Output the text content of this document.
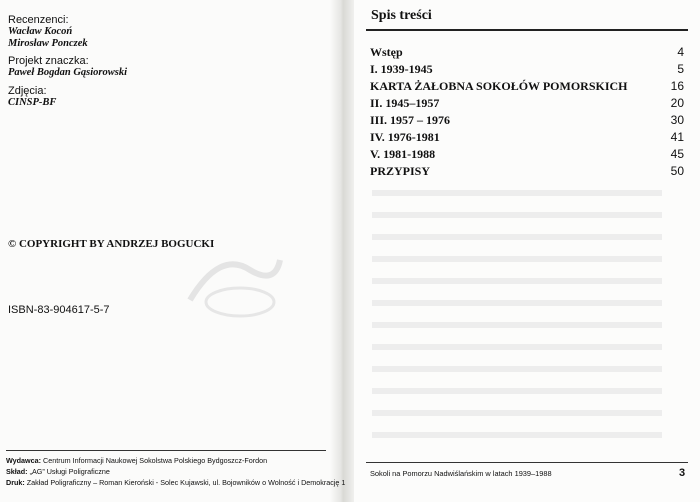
Recenzenci:
Wacław Kocoń
Mirosław Ponczek
Projekt znaczka:
Paweł Bogdan Gąsiorowski
Zdjęcia:
CINSP-BF
© COPYRIGHT BY ANDRZEJ BOGUCKI
ISBN-83-904617-5-7
Wydawca: Centrum Informacji Naukowej Sokolstwa Polskiego Bydgoszcz-Fordon
Skład: „AG” Usługi Poligraficzne
Druk: Zakład Poligraficzny – Roman Kieroński - Solec Kujawski, ul. Bojowników o Wolność i Demokrację 1
Spis treści
Wstęp	4
I. 1939-1945	5
KARTA ŻAŁOBNA SOKOŁÓW POMORSKICH	16
II. 1945–1957	20
III. 1957 – 1976	30
IV. 1976-1981	41
V. 1981-1988	45
PRZYPISY	50
Sokoli na Pomorzu Nadwiślańskim w latach 1939–1988	3
